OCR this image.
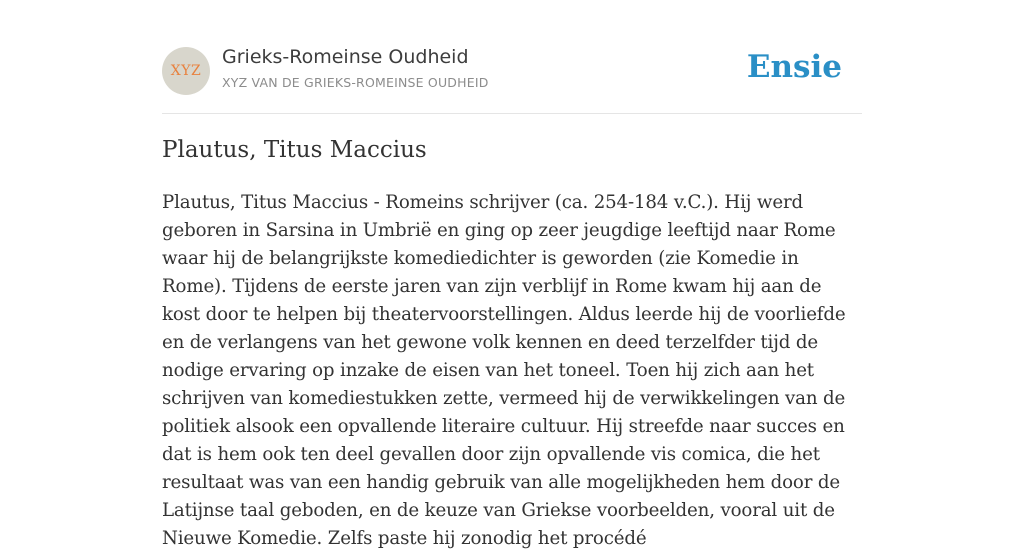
XYZ
Grieks-Romeinse Oudheid
XYZ VAN DE GRIEKS-ROMEINSE OUDHEID	Ensie
Plautus, Titus Maccius

Plautus, Titus Maccius - Romeins schrijver (ca. 254-184 v.C.). Hij werd geboren in Sarsina in Umbrië en ging op zeer jeugdige leeftijd naar Rome waar hij de belangrijkste komediedichter is geworden (zie Komedie in Rome). Tijdens de eerste jaren van zijn verblijf in Rome kwam hij aan de kost door te helpen bij theatervoorstellingen. Aldus leerde hij de voorliefde en de verlangens van het gewone volk kennen en deed terzelfder tijd de nodige ervaring op inzake de eisen van het toneel. Toen hij zich aan het schrijven van komediestukken zette, vermeed hij de verwikkelingen van de politiek alsook een opvallende literaire cultuur. Hij streefde naar succes en dat is hem ook ten deel gevallen door zijn opvallende vis comica, die het resultaat was van een handig gebruik van alle mogelijkheden hem door de Latijnse taal geboden, en de keuze van Griekse voorbeelden, vooral uit de Nieuwe Komedie. Zelfs paste hij zonodig het procédé
